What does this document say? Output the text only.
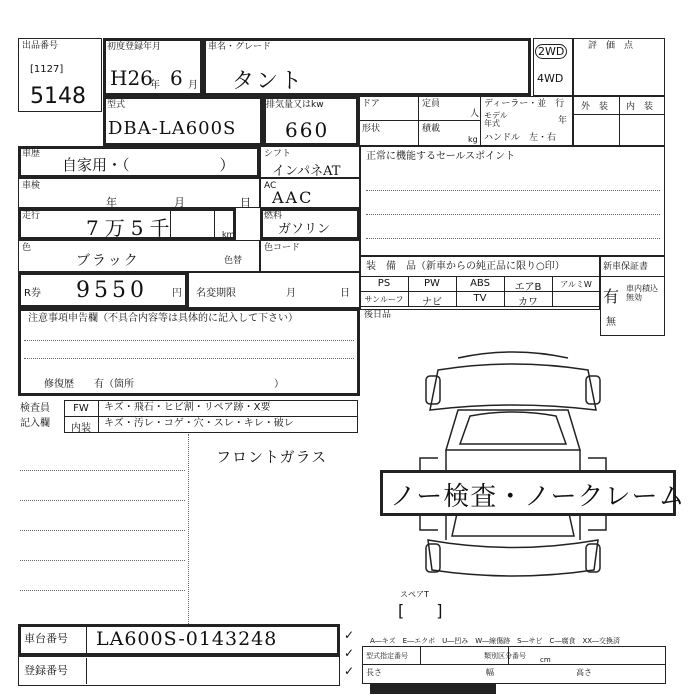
出品番号
[1127]
5148
初度登録年月
H26
年 6 月
車名・グレード
タント
2WD
4WD
評　価　点
型式
DBA-LA600S
排気量又はkw
660
ドア	定員
人
形状	積載
kg
ディーラー・並　行
モデル年式	年
ハンドル　左・右
外　装 内　装
車歴
自家用・（　　　　　　）
車検
年	月	日
走行 7万5千	km
色
ブラック	色替
R券 9550 円 名変期限	月	日
注意事項申告欄（不具合内容等は具体的に記入して下さい）
修復歴　　有（箇所　　　　　　　　　　　　　　）
シフト
インパネAT
AC
AAC
燃料
ガソリン
色コード
正常に機能するセールスポイント
装　備　品（新車からの純正品に限り○印）
PS	PW	ABS	エアB	アルミW
サンルーフ	ナビ	TV	カワ
後日品
新車保証書
有 車内積込無効
無
検査員
記入欄
FW	キズ・飛石・ヒビ割・リペア跡・X要
内装	キズ・汚レ・コゲ・穴・スレ・キレ・破レ
フロントガラス
ノー検査・ノークレーム
スペアT
[　　]
車台番号 LA600S-0143248
登録番号
✓
✓
✓
A―キズ　E―エクボ　U―凹み　W―線傷跡　S―サビ　C―腐食　XX―交換済
型式指定番号	類別区分番号
長さ	幅	高さ
cm
